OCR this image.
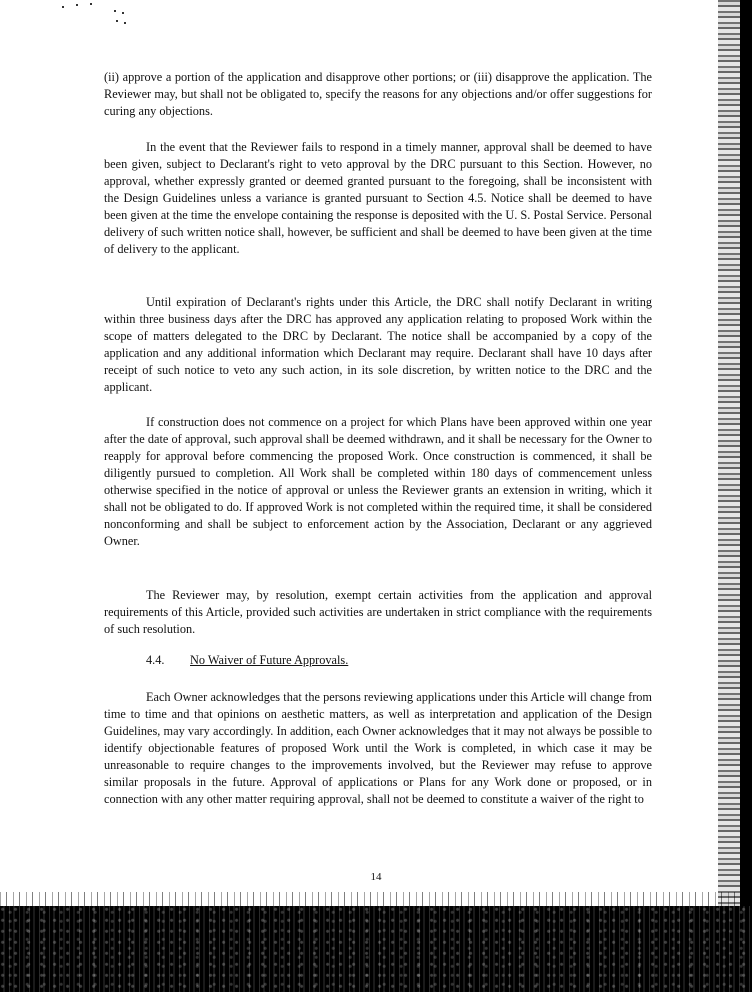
(ii) approve a portion of the application and disapprove other portions; or (iii) disapprove the application. The Reviewer may, but shall not be obligated to, specify the reasons for any objections and/or offer suggestions for curing any objections.

In the event that the Reviewer fails to respond in a timely manner, approval shall be deemed to have been given, subject to Declarant's right to veto approval by the DRC pursuant to this Section. However, no approval, whether expressly granted or deemed granted pursuant to the foregoing, shall be inconsistent with the Design Guidelines unless a variance is granted pursuant to Section 4.5. Notice shall be deemed to have been given at the time the envelope containing the response is deposited with the U. S. Postal Service. Personal delivery of such written notice shall, however, be sufficient and shall be deemed to have been given at the time of delivery to the applicant.

Until expiration of Declarant's rights under this Article, the DRC shall notify Declarant in writing within three business days after the DRC has approved any application relating to proposed Work within the scope of matters delegated to the DRC by Declarant. The notice shall be accompanied by a copy of the application and any additional information which Declarant may require. Declarant shall have 10 days after receipt of such notice to veto any such action, in its sole discretion, by written notice to the DRC and the applicant.

If construction does not commence on a project for which Plans have been approved within one year after the date of approval, such approval shall be deemed withdrawn, and it shall be necessary for the Owner to reapply for approval before commencing the proposed Work. Once construction is commenced, it shall be diligently pursued to completion. All Work shall be completed within 180 days of commencement unless otherwise specified in the notice of approval or unless the Reviewer grants an extension in writing, which it shall not be obligated to do. If approved Work is not completed within the required time, it shall be considered nonconforming and shall be subject to enforcement action by the Association, Declarant or any aggrieved Owner.

The Reviewer may, by resolution, exempt certain activities from the application and approval requirements of this Article, provided such activities are undertaken in strict compliance with the requirements of such resolution.

4.4. No Waiver of Future Approvals.

Each Owner acknowledges that the persons reviewing applications under this Article will change from time to time and that opinions on aesthetic matters, as well as interpretation and application of the Design Guidelines, may vary accordingly. In addition, each Owner acknowledges that it may not always be possible to identify objectionable features of proposed Work until the Work is completed, in which case it may be unreasonable to require changes to the improvements involved, but the Reviewer may refuse to approve similar proposals in the future. Approval of applications or Plans for any Work done or proposed, or in connection with any other matter requiring approval, shall not be deemed to constitute a waiver of the right to

14
